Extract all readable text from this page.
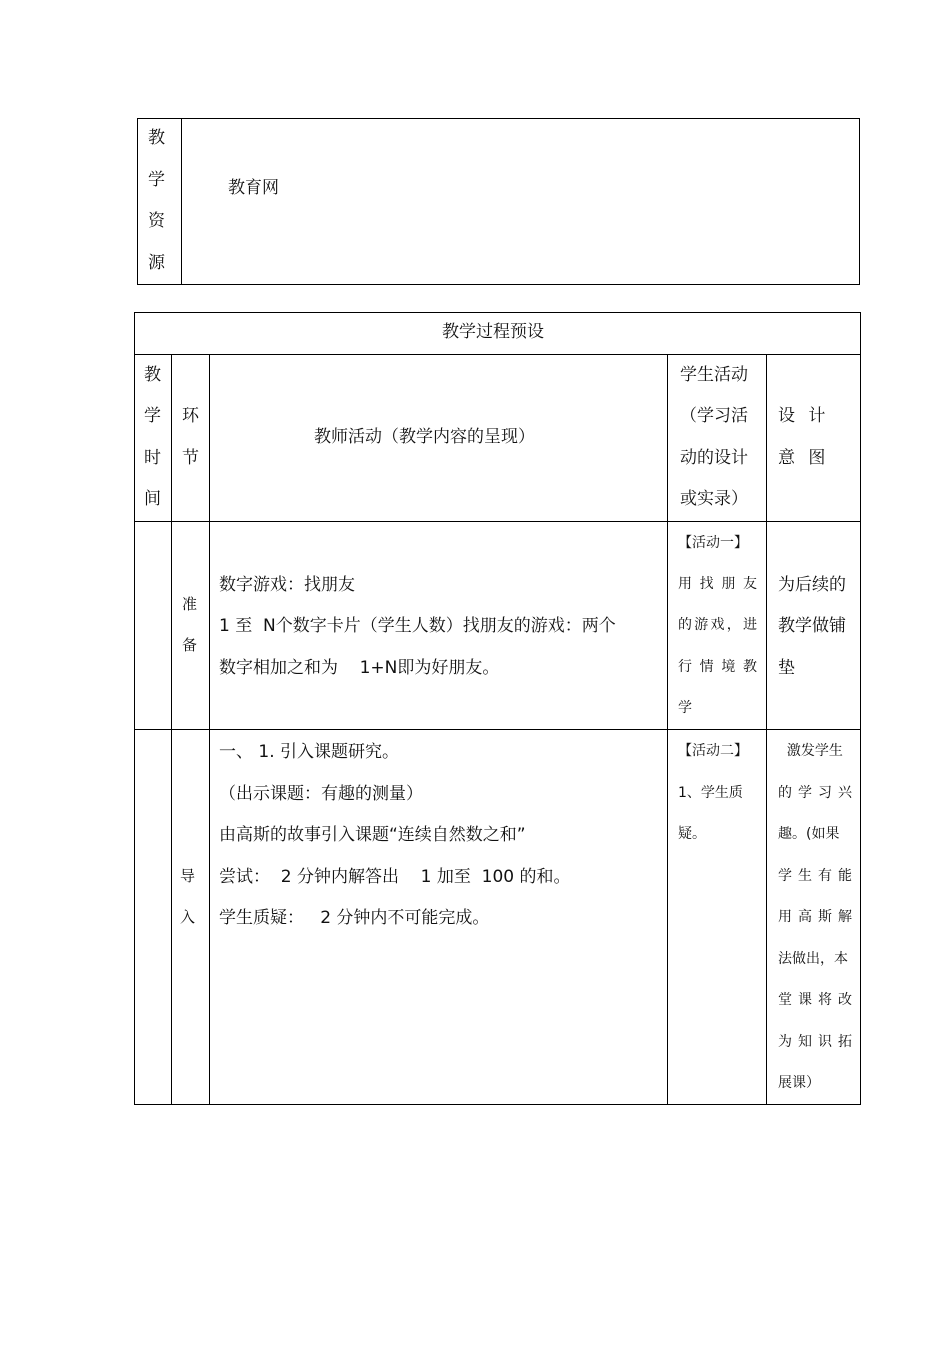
教
学
资
源
教育网
教学过程预设
教
学
时
间
环
节
教师活动（教学内容的呈现）
学生活动
（学习活
动的设计
或实录）
设 计
意 图
准
备
数字游戏：找朋友
1 至  N个数字卡片（学生人数）找朋友的游戏：两个
数字相加之和为    1+N即为好朋友。
【活动一】
用 找 朋 友
的游戏，进
行 情 境 教
学
为后续的
教学做铺
垫
导
入
一、 1. 引入课题研究。
（出示课题：有趣的测量）
由高斯的故事引入课题“连续自然数之和”
尝试：  2 分钟内解答出    1 加至  100 的和。
学生质疑：   2 分钟内不可能完成。
【活动二】
1、学生质
疑。
激发学生
的 学 习 兴
趣。(如果
学 生 有 能
用 高 斯 解
法做出，本
堂 课 将 改
为 知 识 拓
展课）
